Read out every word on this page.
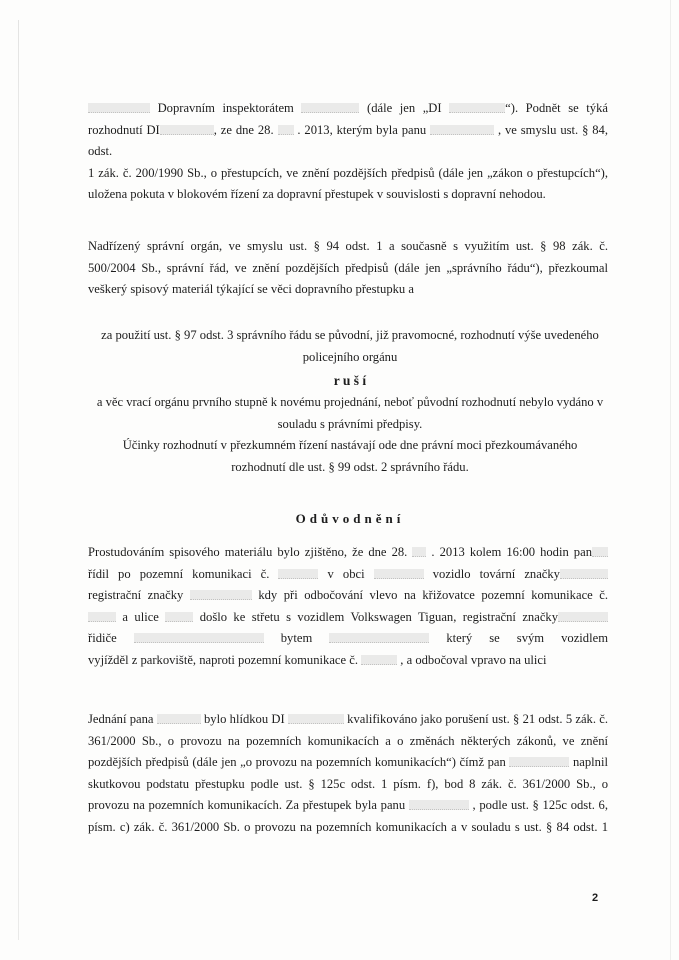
Dopravním inspektorátem	(dále jen „DI	“). Podnět se týká
rozhodnutí DI	, ze dne 28.  . 2013, kterým byla panu	, ve smyslu ust. § 84, odst.
1 zák. č. 200/1990 Sb., o přestupcích, ve znění pozdějších předpisů (dále jen „zákon o přestupcích“),
uložena pokuta v blokovém řízení za dopravní přestupek v souvislosti s dopravní nehodou.
Nadřízený správní orgán, ve smyslu ust. § 94 odst. 1 a současně s využitím ust. § 98 zák. č.
500/2004 Sb., správní řád, ve znění pozdějších předpisů (dále jen „správního řádu“), přezkoumal
veškerý spisový materiál týkající se věci dopravního přestupku a
za použití ust. § 97 odst. 3 správního řádu se původní, již pravomocné, rozhodnutí výše uvedeného
policejního orgánu
r u š í
a věc vrací orgánu prvního stupně k novému projednání, neboť původní rozhodnutí nebylo vydáno v
souladu s právními předpisy.
Účinky rozhodnutí v přezkumném řízení nastávají ode dne právní moci přezkoumávaného
rozhodnutí dle ust. § 99 odst. 2 správního řádu.
Odůvodnění
Prostudováním spisového materiálu bylo zjištěno, že dne 28.  . 2013 kolem 16:00 hodin pan
řídil po pozemní komunikaci č.	v obci	vozidlo tovární značky
registrační značky	kdy při odbočování vlevo na křižovatce pozemní komunikace č.
a ulice  došlo ke střetu s vozidlem Volkswagen Tiguan, registrační značky
řidiče	bytem	který se svým vozidlem
vyjížděl z parkoviště, naproti pozemní komunikace č.	, a odbočoval vpravo na ulici
Jednání pana	bylo hlídkou DI	kvalifikováno jako porušení ust. § 21 odst. 5 zák. č.
361/2000 Sb., o provozu na pozemních komunikacích a o změnách některých zákonů, ve znění
pozdějších předpisů (dále jen „o provozu na pozemních komunikacích“) čímž pan	naplnil
skutkovou podstatu přestupku podle ust. § 125c odst. 1 písm. f), bod 8 zák. č. 361/2000 Sb., o
provozu na pozemních komunikacích. Za přestupek byla panu	, podle ust. § 125c odst. 6,
písm. c) zák. č. 361/2000 Sb. o provozu na pozemních komunikacích a v souladu s ust. § 84 odst. 1
2
